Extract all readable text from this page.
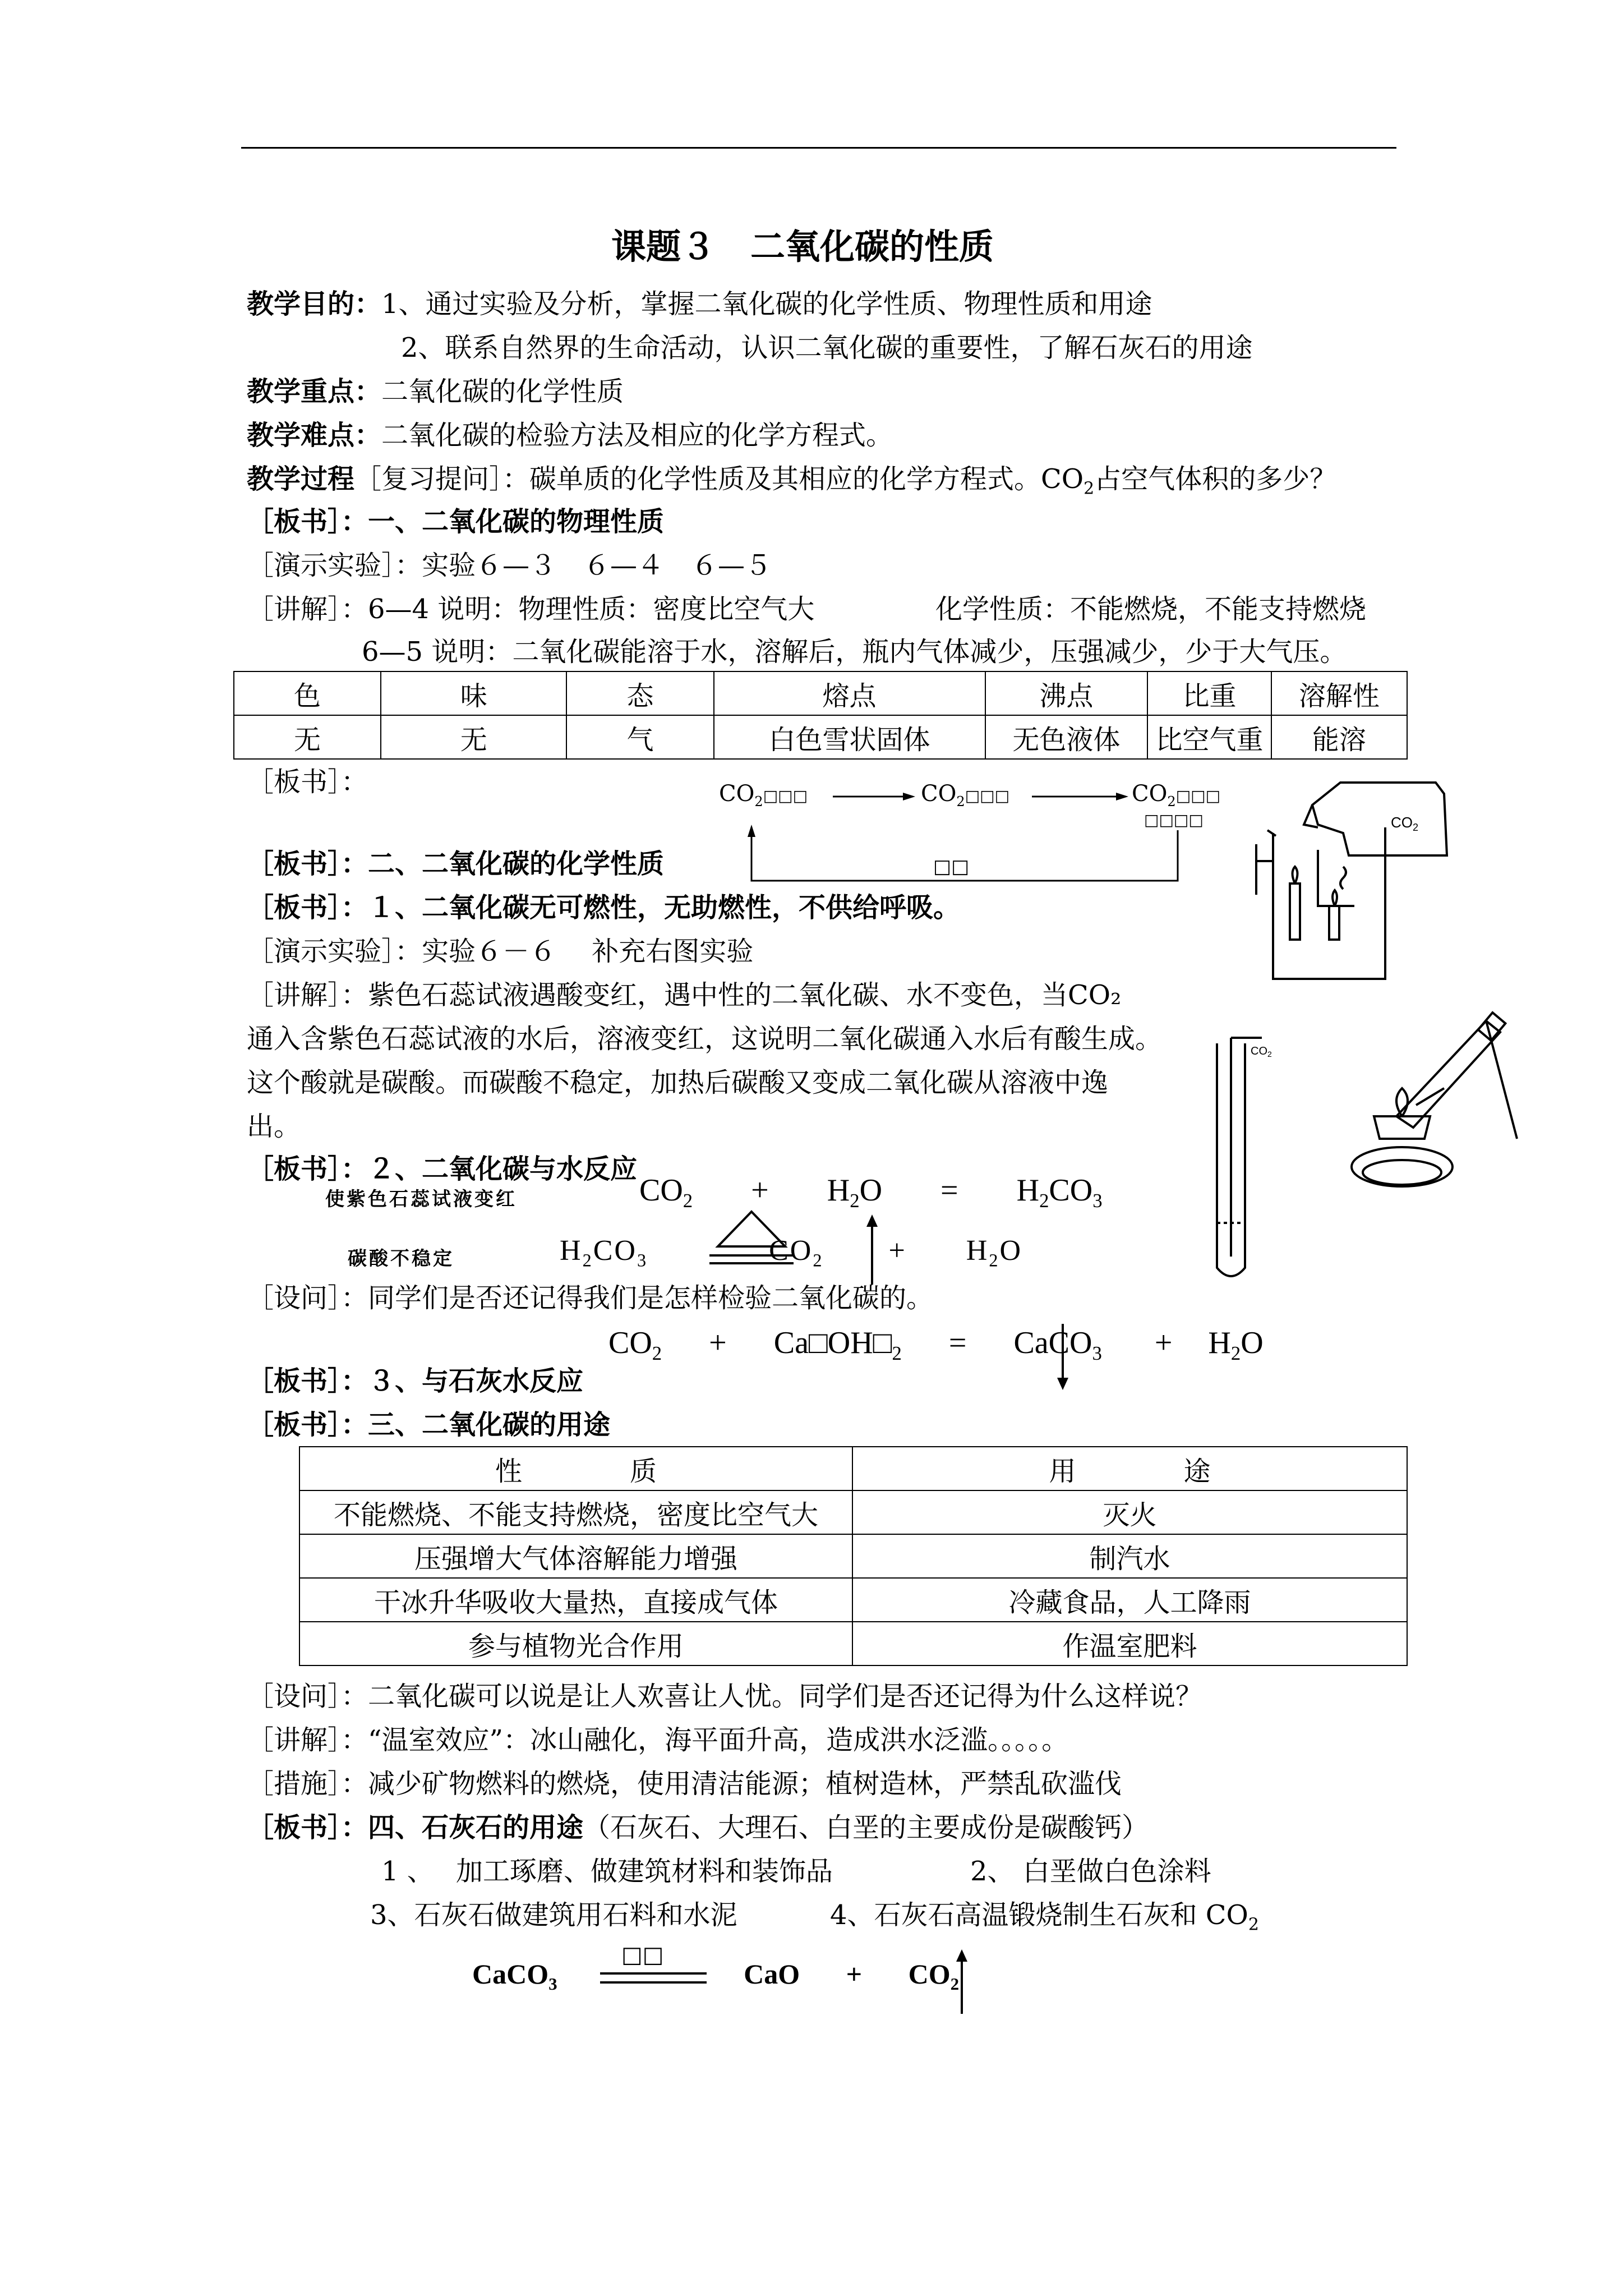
课题３　二氧化碳的性质
教学目的：1、通过实验及分析，掌握二氧化碳的化学性质、物理性质和用途
2、联系自然界的生命活动，认识二氧化碳的重要性，了解石灰石的用途
教学重点：二氧化碳的化学性质
教学难点：二氧化碳的检验方法及相应的化学方程式。
教学过程［复习提问］：碳单质的化学性质及其相应的化学方程式。$CO_2$占空气体积的多少？
［板书］：一、二氧化碳的物理性质
［演示实验］：实验６—３　６—４　６—５
［讲解］：6—4 说明：物理性质：密度比空气大	化学性质：不能燃烧，不能支持燃烧
6—5 说明：二氧化碳能溶于水，溶解后，瓶内气体减少，压强减少，少于大气压。
色	味	态	熔点	沸点	比重	溶解性
无	无	气	白色雪状固体	无色液体	比空气重	能溶
［板书］：	$CO_2□□□$	$CO_2□□□$	$CO_2□□□$
□□□□
□□
$CO_2$
［板书］：二、二氧化碳的化学性质
［板书］：１、二氧化碳无可燃性，无助燃性，不供给呼吸。
［演示实验］：实验６－６　 补充右图实验
［讲解］：紫色石蕊试液遇酸变红，遇中性的二氧化碳、水不变色，当CO₂
通入含紫色石蕊试液的水后，溶液变红，这说明二氧化碳通入水后有酸生成。
这个酸就是碳酸。而碳酸不稳定，加热后碳酸又变成二氧化碳从溶液中逸
出。
$CO_2$
［板书］：２、二氧化碳与水反应
使紫色石蕊试液变红	$CO_2 + H_2O = H_2CO_3$
碳酸不稳定	$H_2CO_3$	$CO_2 + H_2O$
［设问］：同学们是否还记得我们是怎样检验二氧化碳的。
$CO_2$ + $Ca□OH□_2$ = CaCO$_3$ + $H_2O$
［板书］：３、与石灰水反应
［板书］：三、二氧化碳的用途
性　　　　质	用　　　　途
不能燃烧、不能支持燃烧，密度比空气大	灭火
压强增大气体溶解能力增强	制汽水
干冰升华吸收大量热，直接成气体	冷藏食品，人工降雨
参与植物光合作用	作温室肥料
［设问］：二氧化碳可以说是让人欢喜让人忧。同学们是否还记得为什么这样说？
［讲解］：“温室效应”：冰山融化，海平面升高，造成洪水泛滥。。。。。
［措施］：减少矿物燃料的燃烧，使用清洁能源；植树造林，严禁乱砍滥伐
［板书］：四、石灰石的用途（石灰石、大理石、白垩的主要成份是碳酸钙）
1 、　 加工琢磨、做建筑材料和装饰品	2、 白垩做白色涂料
3、石灰石做建筑用石料和水泥	4、石灰石高温锻烧制生石灰和 $CO_2$
□□
CaCO$_3$	CaO + $CO_2$
